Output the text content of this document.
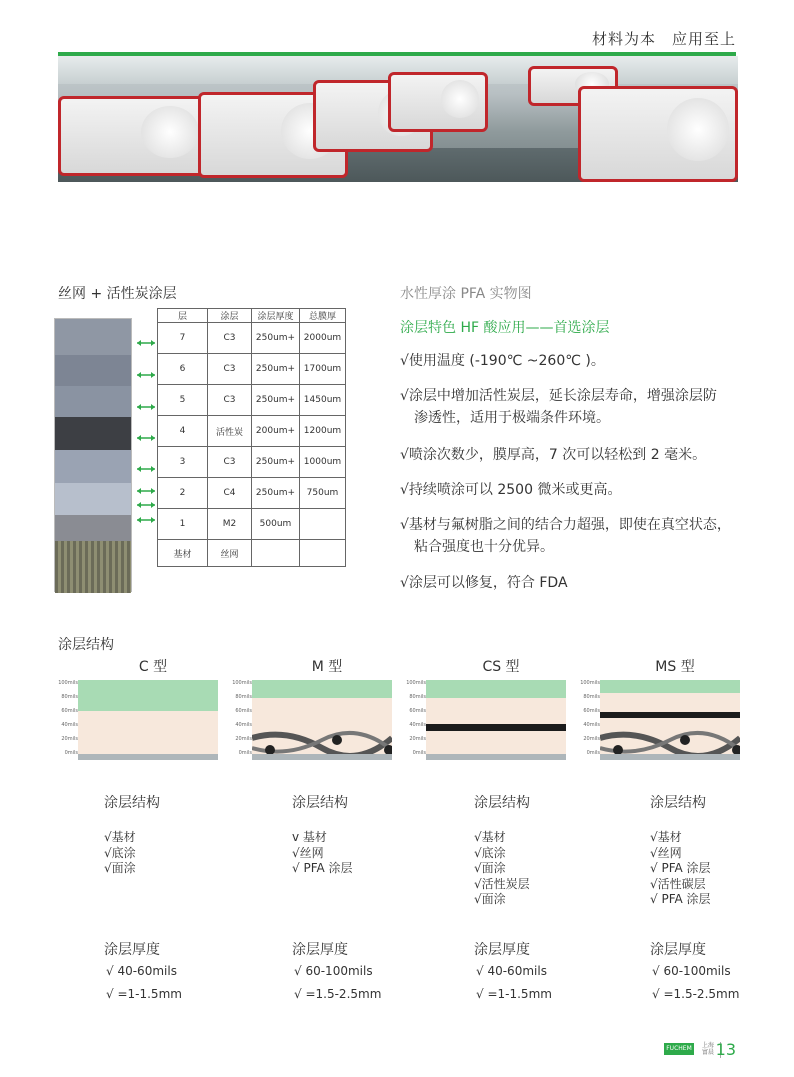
材料为本　应用至上
丝网 + 活性炭涂层	水性厚涂 PFA 实物图
层	涂层	涂层厚度	总膜厚
7	C3	250um+	2000um
6	C3	250um+	1700um
5	C3	250um+	1450um
4	活性炭	200um+	1200um
3	C3	250um+	1000um
2	C4	250um+	750um
1	M2	500um	
基材	丝网		
涂层特色 HF 酸应用——首选涂层
√使用温度 (-190℃ ~260℃ )。
√涂层中增加活性炭层，延长涂层寿命，增强涂层防
渗透性，适用于极端条件环境。
√喷涂次数少，膜厚高，7 次可以轻松到 2 毫米。
√持续喷涂可以 2500 微米或更高。
√基材与氟树脂之间的结合力超强，即使在真空状态，
粘合强度也十分优异。
√涂层可以修复，符合 FDA
涂层结构
C 型
100mils
80mils
60mils
40mils
20mils
0mils
涂层结构
√基材
√底涂
√面涂
涂层厚度
√ 40-60mils
√ =1-1.5mm
M 型
100mils
80mils
60mils
40mils
20mils
0mils
涂层结构
v 基材
√丝网
√ PFA 涂层
涂层厚度
√ 60-100mils
√ =1.5-2.5mm
CS 型
100mils
80mils
60mils
40mils
20mils
0mils
涂层结构
√基材
√底涂
√面涂
√活性炭层
√面涂
涂层厚度
√ 40-60mils
√ =1-1.5mm
MS 型
100mils
80mils
60mils
40mils
20mils
0mils
涂层结构
√基材
√丝网
√ PFA 涂层
√活性碳层
√ PFA 涂层
涂层厚度
√ 60-100mils
√ =1.5-2.5mm
FUCHEM	上海
富晨 13
